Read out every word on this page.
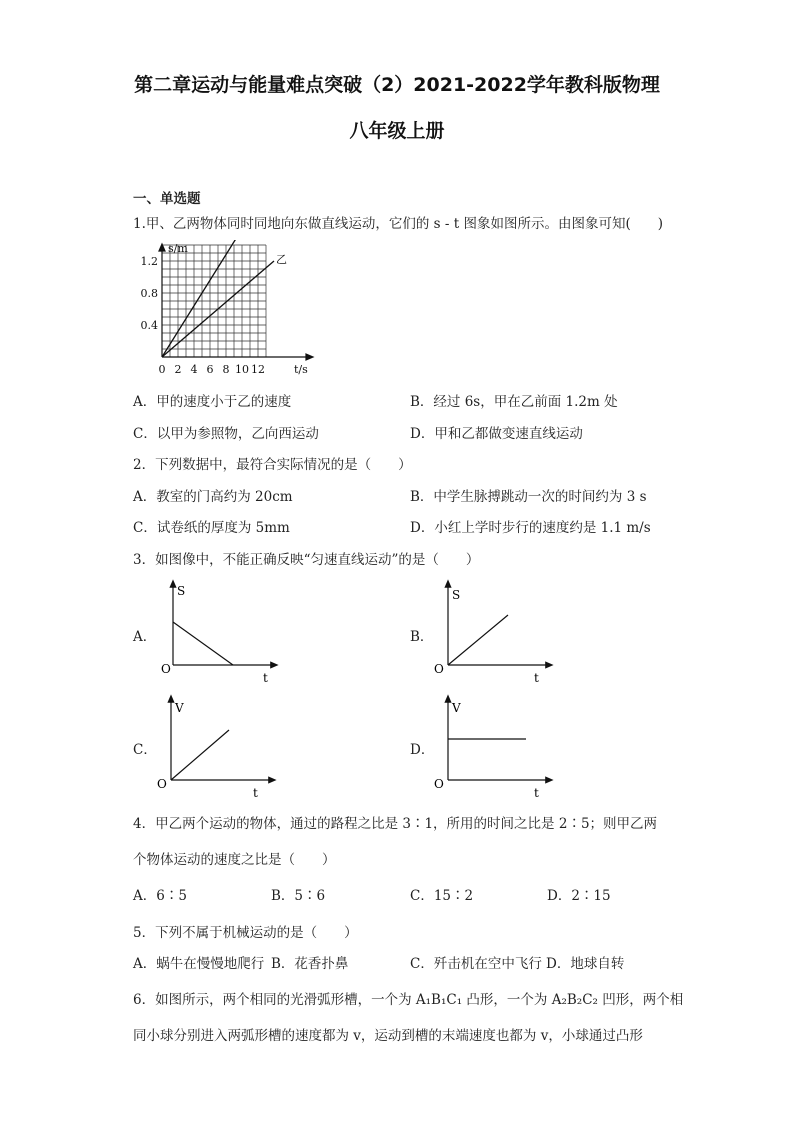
第二章运动与能量难点突破（2）2021-2022学年教科版物理
八年级上册
一、单选题
1.甲、乙两物体同时同地向东做直线运动，它们的 s - t 图象如图所示。由图象可知(　　)
s/m
t/s
1.2
0.8
0.4
0 2 4 6 8 10 12
乙
A．甲的速度小于乙的速度	B．经过 6s，甲在乙前面 1.2m 处
C．以甲为参照物，乙向西运动	D．甲和乙都做变速直线运动
2．下列数据中，最符合实际情况的是（　　）
A．教室的门高约为 20cm	B．中学生脉搏跳动一次的时间约为 3 s
C．试卷纸的厚度为 5mm	D．小红上学时步行的速度约是 1.1 m/s
3．如图像中，不能正确反映“匀速直线运动”的是（　　）
A．
S
O
t
B．
S
O
t
C．
V
O
t
D．
V
O
t
4．甲乙两个运动的物体，通过的路程之比是 3∶1，所用的时间之比是 2∶5；则甲乙两
个物体运动的速度之比是（　　）
A．6∶5	B．5∶6	C．15∶2	D．2∶15
5．下列不属于机械运动的是（　　）
A．蜗牛在慢慢地爬行 B．花香扑鼻	C．歼击机在空中飞行 D．地球自转
6．如图所示，两个相同的光滑弧形槽，一个为 A₁B₁C₁ 凸形，一个为 A₂B₂C₂ 凹形，两个相
同小球分别进入两弧形槽的速度都为 v，运动到槽的末端速度也都为 v，小球通过凸形
